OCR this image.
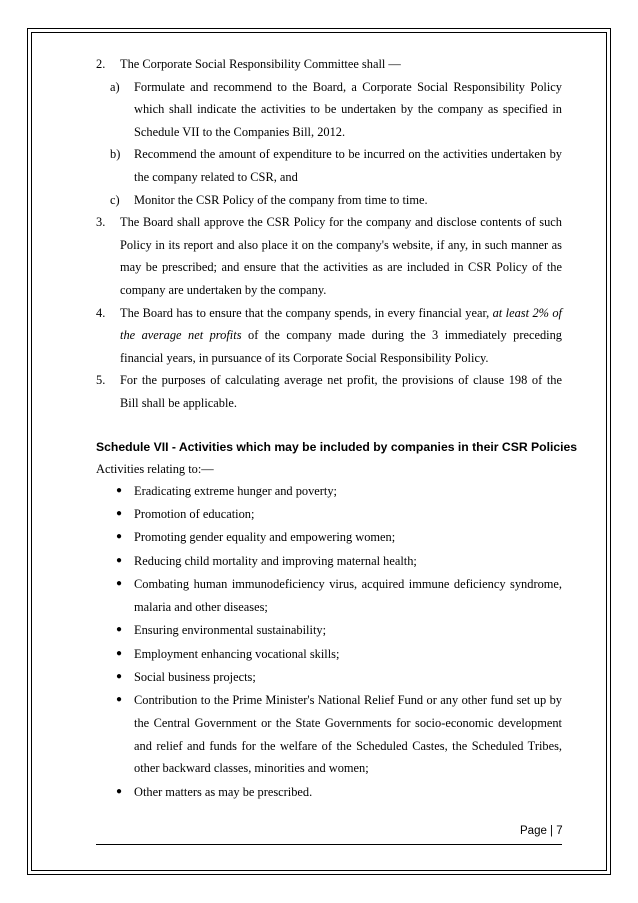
2.	The Corporate Social Responsibility Committee shall —
a)	Formulate and recommend to the Board, a Corporate Social Responsibility Policy which shall indicate the activities to be undertaken by the company as specified in Schedule VII to the Companies Bill, 2012.
b)	Recommend the amount of expenditure to be incurred on the activities undertaken by the company related to CSR, and
c)	Monitor the CSR Policy of the company from time to time.
3.	The Board shall approve the CSR Policy for the company and disclose contents of such Policy in its report and also place it on the company's website, if any, in such manner as may be prescribed; and ensure that the activities as are included in CSR Policy of the company are undertaken by the company.
4.	The Board has to ensure that the company spends, in every financial year, at least 2% of the average net profits of the company made during the 3 immediately preceding financial years, in pursuance of its Corporate Social Responsibility Policy.
5.	For the purposes of calculating average net profit, the provisions of clause 198 of the Bill shall be applicable.
Schedule VII - Activities which may be included by companies in their CSR Policies
Activities relating to:—
● Eradicating extreme hunger and poverty;
● Promotion of education;
● Promoting gender equality and empowering women;
● Reducing child mortality and improving maternal health;
● Combating human immunodeficiency virus, acquired immune deficiency syndrome, malaria and other diseases;
● Ensuring environmental sustainability;
● Employment enhancing vocational skills;
● Social business projects;
● Contribution to the Prime Minister's National Relief Fund or any other fund set up by the Central Government or the State Governments for socio-economic development and relief and funds for the welfare of the Scheduled Castes, the Scheduled Tribes, other backward classes, minorities and women;
● Other matters as may be prescribed.
Page | 7
